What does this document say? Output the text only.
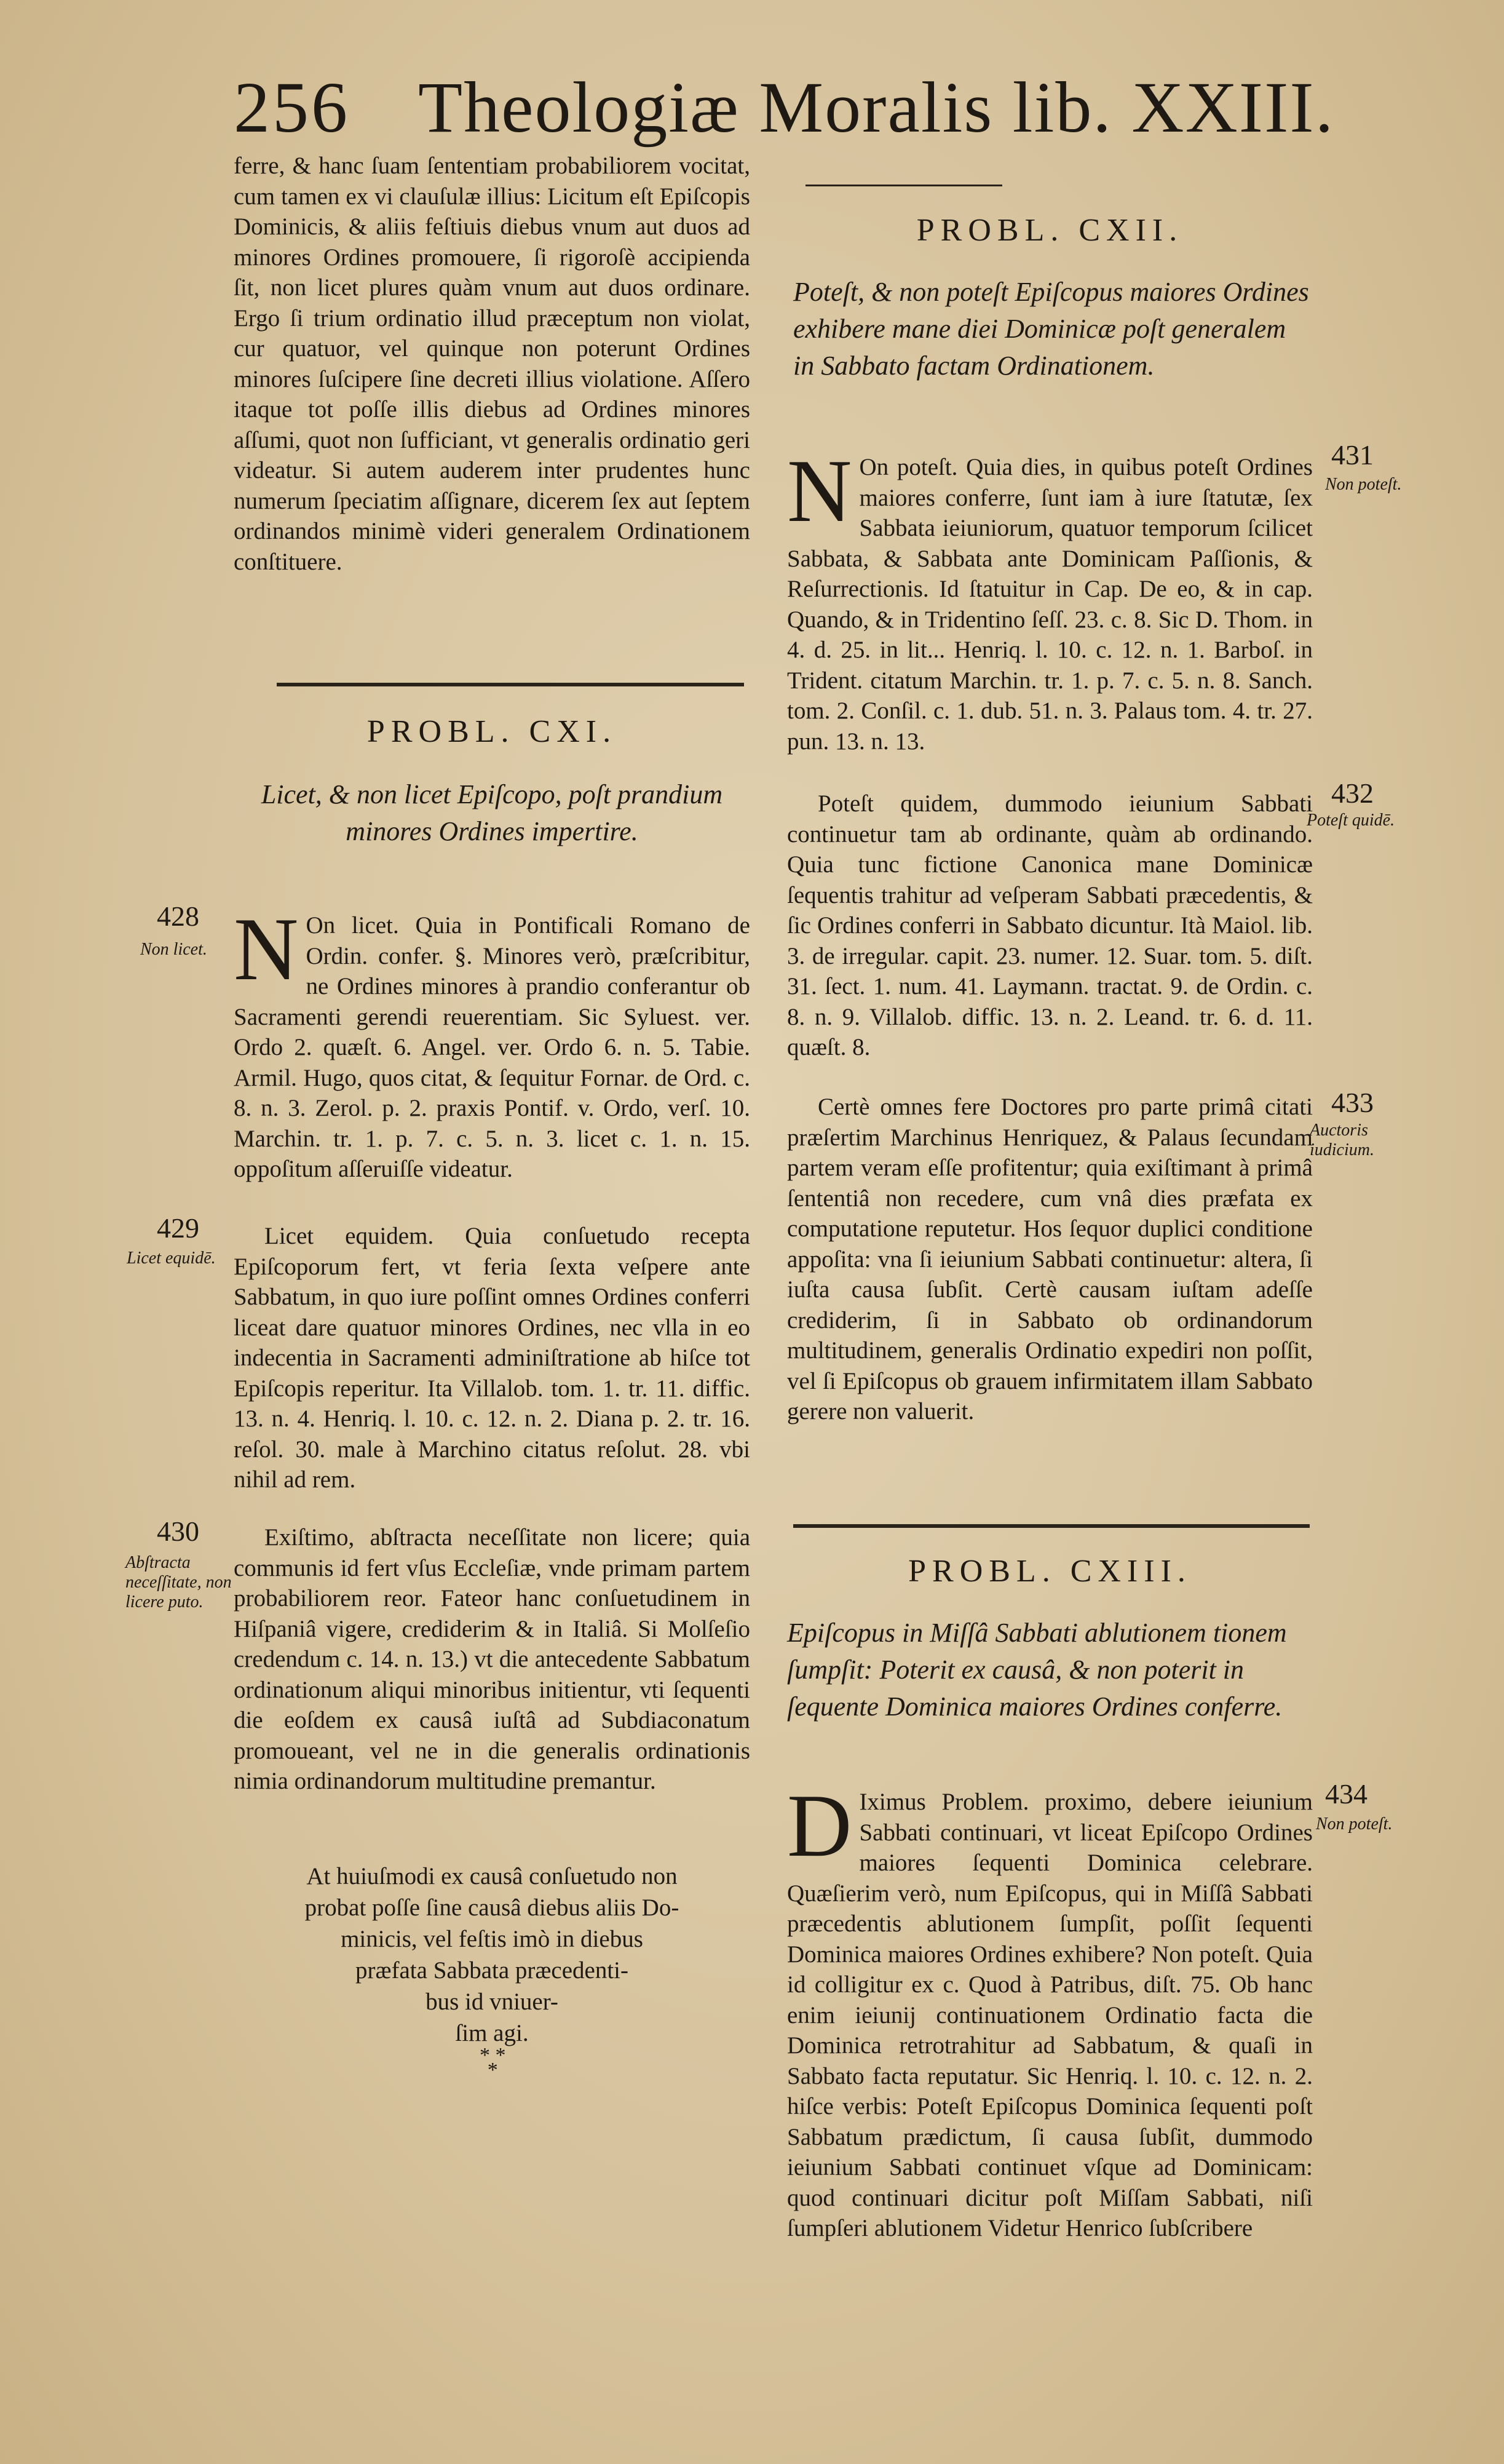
256 Theologiæ Moralis lib. XXIII.

ferre, & hanc ſuam ſententiam probabiliorem vocitat, cum tamen ex vi clauſulæ illius: Licitum eſt Epiſcopis Dominicis, & aliis feſtiuis diebus vnum aut duos ad minores Ordines promouere, ſi rigoroſè accipienda ſit, non licet plures quàm vnum aut duos ordinare. Ergo ſi trium ordinatio illud præceptum non violat, cur quatuor, vel quinque non poterunt Ordines minores ſuſcipere ſine decreti illius violatione. Aſſero itaque tot poſſe illis diebus ad Ordines minores aſſumi, quot non ſufficiant, vt generalis ordinatio geri videatur. Si autem auderem inter prudentes hunc numerum ſpeciatim aſſignare, dicerem ſex aut ſeptem ordinandos minimè videri generalem Ordinationem conſtituere.

PROBL. CXI.
Licet, & non licet Epiſcopo, poſt prandium minores Ordines impertire.
N On licet. Quia in Pontificali Romano de Ordin. confer. §. Minores verò, præſcribitur, ne Ordines minores à prandio conferantur ob Sacramenti gerendi reuerentiam. Sic Syluest. ver. Ordo 2. quæſt. 6. Angel. ver. Ordo 6. n. 5. Tabie. Armil. Hugo, quos citat, & ſequitur Fornar. de Ord. c. 8. n. 3. Zerol. p. 2. praxis Pontif. v. Ordo, verſ. 10. Marchin. tr. 1. p. 7. c. 5. n. 3. licet c. 1. n. 15. oppoſitum aſſeruiſſe videatur.

Licet equidem. Quia conſuetudo recepta Epiſcoporum fert, vt feria ſexta veſpere ante Sabbatum, in quo iure poſſint omnes Ordines conferri liceat dare quatuor minores Ordines, nec vlla in eo indecentia in Sacramenti adminiſtratione ab hiſce tot Epiſcopis reperitur. Ita Villalob. tom. 1. tr. 11. diffic. 13. n. 4. Henriq. l. 10. c. 12. n. 2. Diana p. 2. tr. 16. reſol. 30. male à Marchino citatus reſolut. 28. vbi nihil ad rem.

Exiſtimo, abſtracta neceſſitate non licere; quia communis id fert vſus Eccleſiæ, vnde primam partem probabiliorem reor. Fateor hanc conſuetudinem in Hiſpaniâ vigere, crediderim & in Italiâ. Si Molſeſio credendum c. 14. n. 13.) vt die antecedente Sabbatum ordinationum aliqui minoribus initientur, vti ſequenti die eoſdem ex causâ iuſtâ ad Subdiaconatum promoueant, vel ne in die generalis ordinationis nimia ordinandorum multitudine premantur.

At huiuſmodi ex causâ conſuetudo non
probat poſſe ſine causâ diebus aliis Do-
minicis, vel feſtis imò in diebus
præfata Sabbata præcedenti-
bus id vniuer-
ſim agi.
* *
*
PROBL. CXII.
Poteſt, & non poteſt Epiſcopus maiores Ordines exhibere mane diei Dominicæ poſt generalem in Sabbato factam Ordinationem.
N On poteſt. Quia dies, in quibus poteſt Ordines maiores conferre, ſunt iam à iure ſtatutæ, ſex Sabbata ieiuniorum, quatuor temporum ſcilicet Sabbata, & Sabbata ante Dominicam Paſſionis, & Reſurrectionis. Id ſtatuitur in Cap. De eo, & in cap. Quando, & in Tridentino ſeſſ. 23. c. 8. Sic D. Thom. in 4. d. 25. in lit... Henriq. l. 10. c. 12. n. 1. Barboſ. in Trident. citatum Marchin. tr. 1. p. 7. c. 5. n. 8. Sanch. tom. 2. Conſil. c. 1. dub. 51. n. 3. Palaus tom. 4. tr. 27. pun. 13. n. 13.

Poteſt quidem, dummodo ieiunium Sabbati continuetur tam ab ordinante, quàm ab ordinando. Quia tunc fictione Canonica mane Dominicæ ſequentis trahitur ad veſperam Sabbati præcedentis, & ſic Ordines conferri in Sabbato dicuntur. Ità Maiol. lib. 3. de irregular. capit. 23. numer. 12. Suar. tom. 5. diſt. 31. ſect. 1. num. 41. Laymann. tractat. 9. de Ordin. c. 8. n. 9. Villalob. diffic. 13. n. 2. Leand. tr. 6. d. 11. quæſt. 8.

Certè omnes fere Doctores pro parte primâ citati præſertim Marchinus Henriquez, & Palaus ſecundam partem veram eſſe profitentur; quia exiſtimant à primâ ſententiâ non recedere, cum vnâ dies præfata ex computatione reputetur. Hos ſequor duplici conditione appoſita: vna ſi ieiunium Sabbati continuetur: altera, ſi iuſta causa ſubſit. Certè causam iuſtam adeſſe crediderim, ſi in Sabbato ob ordinandorum multitudinem, generalis Ordinatio expediri non poſſit, vel ſi Epiſcopus ob grauem infirmitatem illam Sabbato gerere non valuerit.

PROBL. CXIII.
Epiſcopus in Miſſâ Sabbati ablutionem tionem ſumpſit: Poterit ex causâ, & non poterit in ſequente Dominica maiores Ordines conferre.
D Iximus Problem. proximo, debere ieiunium Sabbati continuari, vt liceat Epiſcopo Ordines maiores ſequenti Dominica celebrare. Quæſierim verò, num Epiſcopus, qui in Miſſâ Sabbati præcedentis ablutionem ſumpſit, poſſit ſequenti Dominica maiores Ordines exhibere? Non poteſt. Quia id colligitur ex c. Quod à Patribus, diſt. 75. Ob hanc enim ieiunij continuationem Ordinatio facta die Dominica retrotrahitur ad Sabbatum, & quaſi in Sabbato facta reputatur. Sic Henriq. l. 10. c. 12. n. 2. hiſce verbis: Poteſt Epiſcopus Dominica ſequenti poſt Sabbatum prædictum, ſi causa ſubſit, dummodo ieiunium Sabbati continuet vſque ad Dominicam: quod continuari dicitur poſt Miſſam Sabbati, niſi ſumpſeri ablutionem Videtur Henrico ſubſcribere
428
Non licet.
429
Licet equidē.
430
Abſtracta neceſſitate, non licere puto.
431
Non poteſt.
432
Poteſt quidē.
433
Auctoris iudicium.
434
Non poteſt.
